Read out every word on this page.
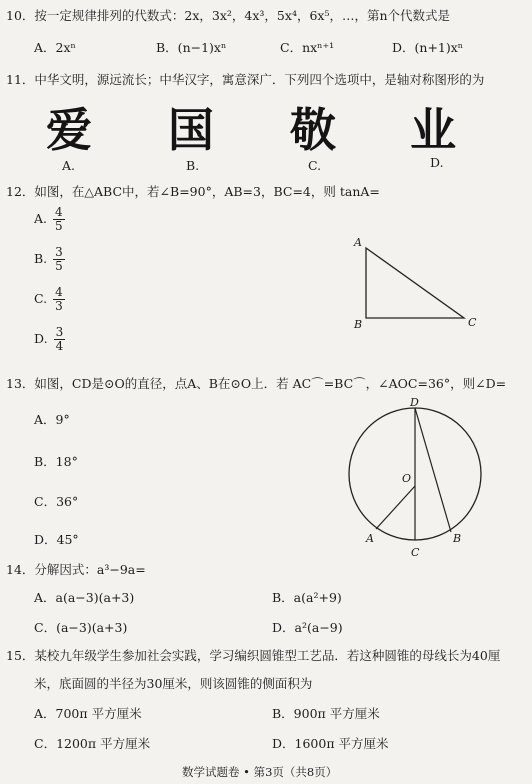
10．按一定规律排列的代数式：2x，3x²，4x³，5x⁴，6x⁵，…，第n个代数式是
A．2xⁿ	B．(n−1)xⁿ	C．nxⁿ⁺¹	D．(n+1)xⁿ
11．中华文明，源远流长；中华汉字，寓意深广．下列四个选项中，是轴对称图形的为
爱 国 敬 业
A.	B.	C.	D.
12．如图，在△ABC中，若∠B=90°，AB=3，BC=4，则 tanA=
A. $\frac{4}{5}$
B. $\frac{3}{5}$
C. $\frac{4}{3}$
D. $\frac{3}{4}$
A
B	C
13．如图，CD是⊙O的直径，点A、B在⊙O上．若 AC⌒=BC⌒，∠AOC=36°，则∠D=
A．9°
B．18°
C．36°
D．45°
D
O
A
C
B
14．分解因式：a³−9a=
A．a(a−3)(a+3)	B．a(a²+9)
C．(a−3)(a+3)	D．a²(a−9)
15．某校九年级学生参加社会实践，学习编织圆锥型工艺品．若这种圆锥的母线长为40厘
米，底面圆的半径为30厘米，则该圆锥的侧面积为
A．700π 平方厘米	B．900π 平方厘米
C．1200π 平方厘米	D．1600π 平方厘米
数学试题卷 • 第3页（共8页）
